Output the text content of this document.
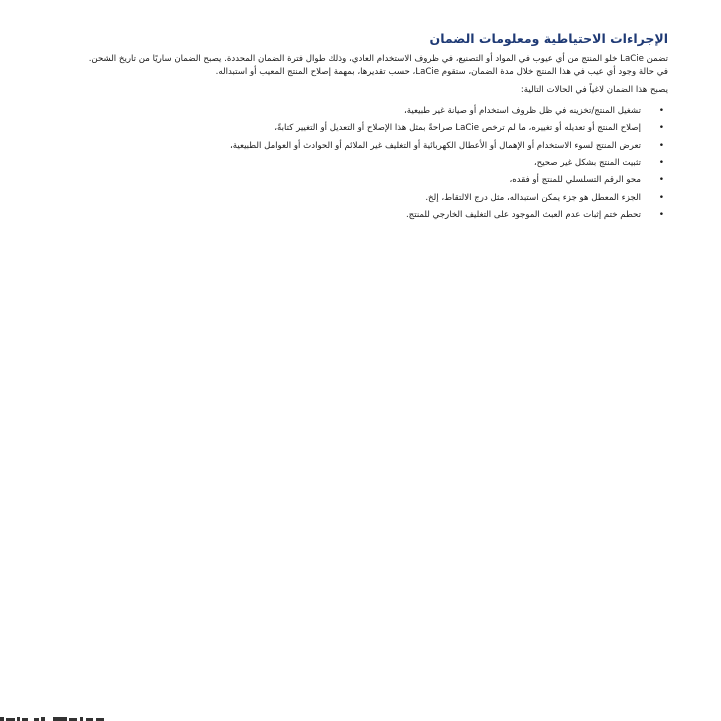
الإجراءات الاحتياطية ومعلومات الضمان

تضمن LaCie خلو المنتج من أي عيوب في المواد أو التصنيع، في ظروف الاستخدام العادي، وذلك طوال فترة الضمان المحددة. يصبح الضمان ساريًا من تاريخ الشحن.

في حالة وجود أي عيب في هذا المنتج خلال مدة الضمان، ستقوم LaCie، حسب تقديرها، بمهمة إصلاح المنتج المعيب أو استبداله.

يصبح هذا الضمان لاغياً في الحالات التالية:

•
تشغيل المنتج/تخزينه في ظل ظروف استخدام أو صيانة غير طبيعية،
•
إصلاح المنتج أو تعديله أو تغييره، ما لم ترخص LaCie صراحةً بمثل هذا الإصلاح أو التعديل أو التغيير كتابةً،
•
تعرض المنتج لسوء الاستخدام أو الإهمال أو الأعطال الكهربائية أو التغليف غير الملائم أو الحوادث أو العوامل الطبيعية،
•
تثبيت المنتج بشكل غير صحيح،
•
محو الرقم التسلسلي للمنتج أو فقده،
•
الجزء المعطل هو جزء يمكن استبداله، مثل درج الالتقاط، إلخ.
•
تحطم ختم إثبات عدم العبث الموجود على التغليف الخارجي للمنتج.
